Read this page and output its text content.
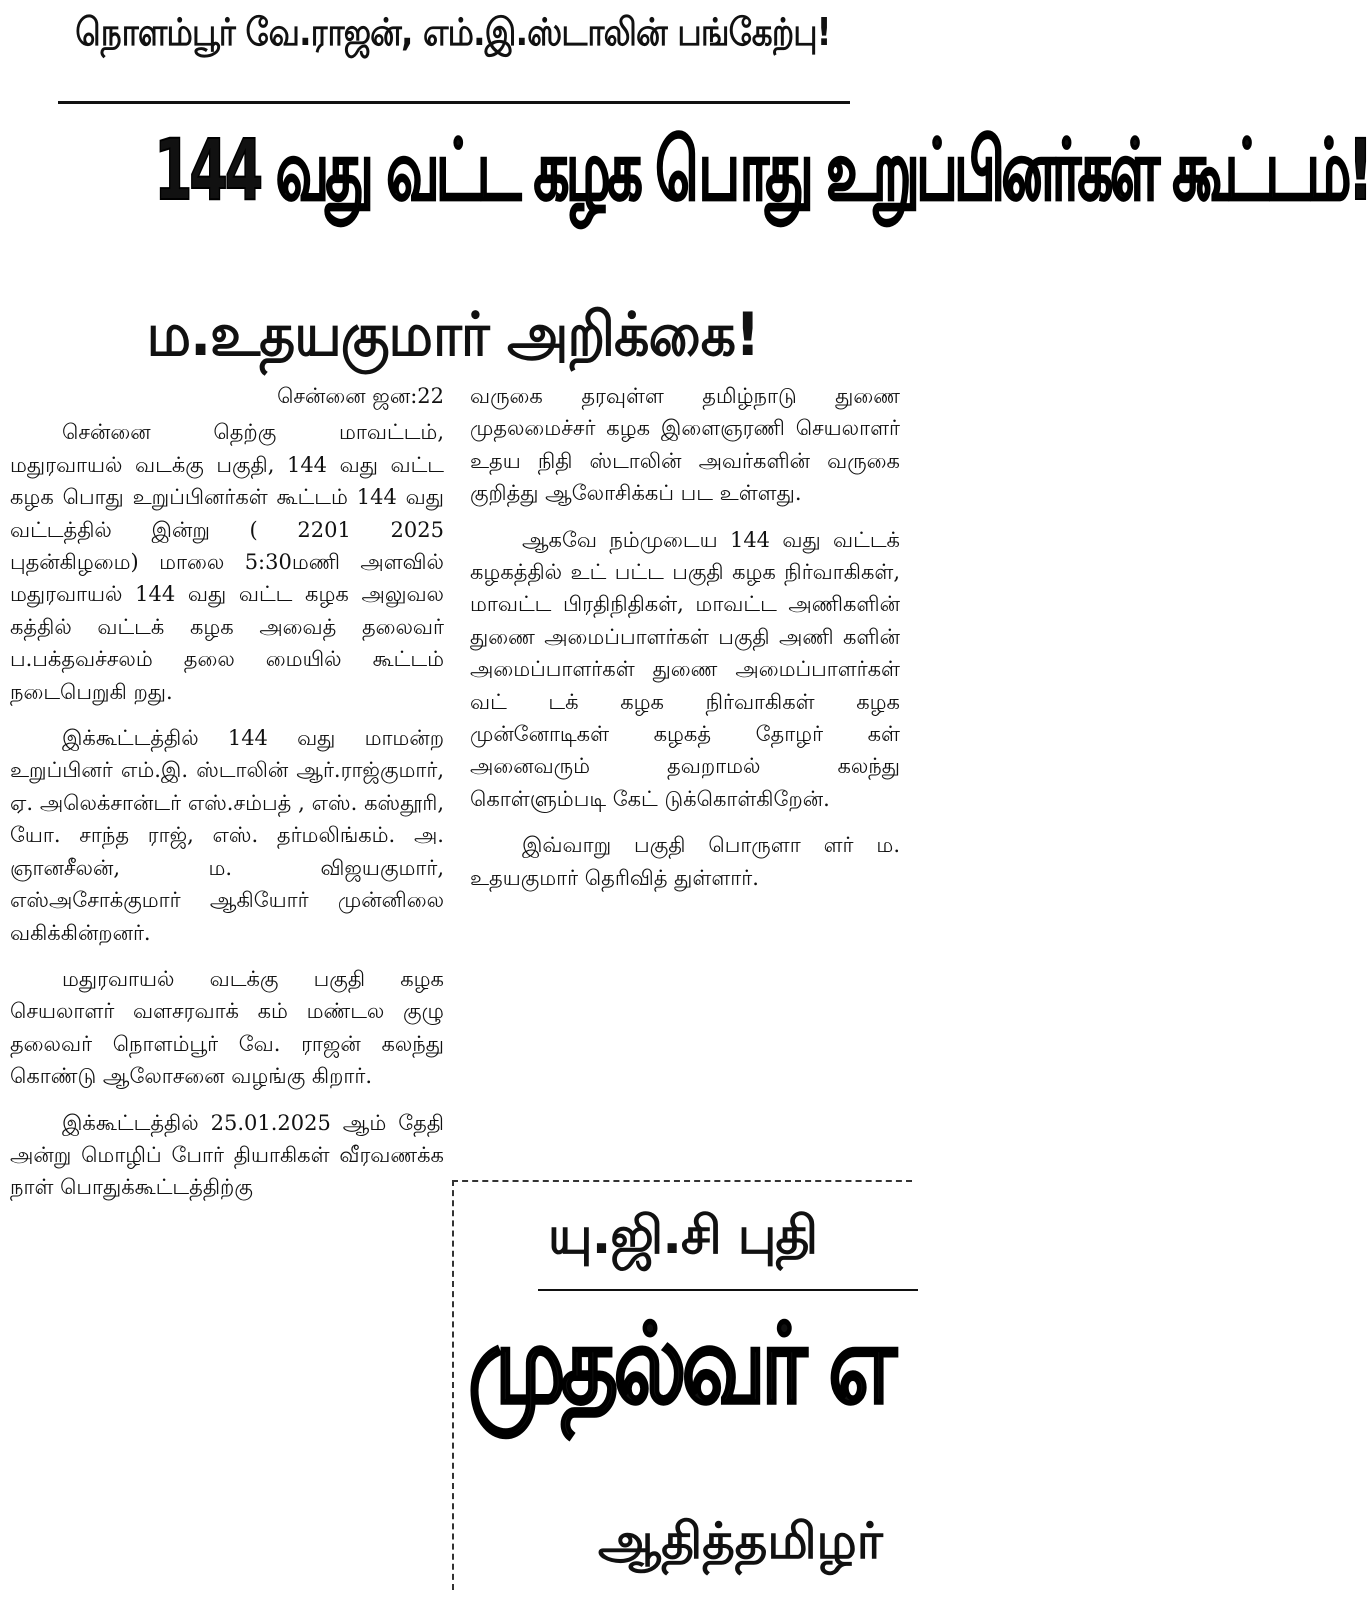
நொளம்பூர் வே.ராஜன், எம்.இ.ஸ்டாலின் பங்கேற்பு!
144 வது வட்ட கழக பொது உறுப்பினர்கள் கூட்டம்!
ம.உதயகுமார் அறிக்கை!
சென்னை ஜன:22

சென்னை தெற்கு மாவட்டம், மதுரவாயல் வடக்கு பகுதி, 144 வது வட்ட கழக பொது உறுப்பினர்கள் கூட்டம் 144 வது வட்டத்தில் இன்று ( 2201 2025 புதன்கிழமை) மாலை 5:30மணி அளவில் மதுரவாயல் 144 வது வட்ட கழக அலுவல கத்தில் வட்டக் கழக அவைத் தலைவர் ப.பக்தவச்சலம் தலை மையில் கூட்டம் நடைபெறுகி றது.

இக்கூட்டத்தில் 144 வது மாமன்ற உறுப்பினர் எம்.இ. ஸ்டாலின் ஆர்.ராஜ்குமார், ஏ. அலெக்சான்டர் எஸ்.சம்பத் , எஸ். கஸ்தூரி, யோ. சாந்த ராஜ், எஸ். தர்மலிங்கம். அ. ஞானசீலன், ம. விஜயகுமார், எஸ்அசோக்குமார் ஆகியோர் முன்னிலை வகிக்கின்றனர்.

மதுரவாயல் வடக்கு பகுதி கழக செயலாளர் வளசரவாக் கம் மண்டல குழு தலைவர் நொளம்பூர் வே. ராஜன் கலந்து கொண்டு ஆலோசனை வழங்கு கிறார்.

இக்கூட்டத்தில் 25.01.2025 ஆம் தேதி அன்று மொழிப் போர் தியாகிகள் வீரவணக்க நாள் பொதுக்கூட்டத்திற்கு

வருகை தரவுள்ள தமிழ்நாடு துணை முதலமைச்சர் கழக இளைஞரணி செயலாளர் உதய நிதி ஸ்டாலின் அவர்களின் வருகை குறித்து ஆலோசிக்கப் பட உள்ளது.

ஆகவே நம்முடைய 144 வது வட்டக் கழகத்தில் உட் பட்ட பகுதி கழக நிர்வாகிகள், மாவட்ட பிரதிநிதிகள், மாவட்ட அணிகளின் துணை அமைப்பாளர்கள் பகுதி அணி களின் அமைப்பாளர்கள் துணை அமைப்பாளர்கள் வட் டக் கழக நிர்வாகிகள் கழக முன்னோடிகள் கழகத் தோழர் கள் அனைவரும் தவறாமல் கலந்து கொள்ளும்படி கேட் டுக்கொள்கிறேன்.

இவ்வாறு பகுதி பொருளா ளர் ம. உதயகுமார் தெரிவித் துள்ளார்.

யு.ஜி.சி புதி
முதல்வர் எ
ஆதித்தமிழர்
